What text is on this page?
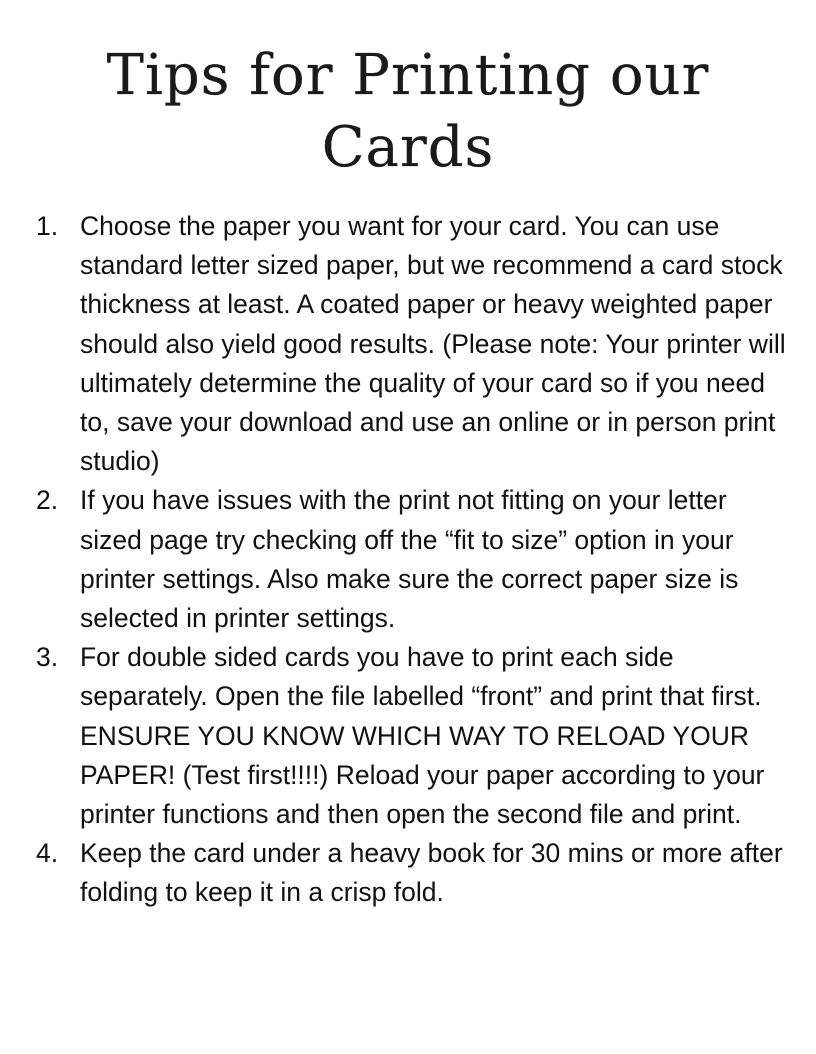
Tips for Printing our
Cards
1. Choose the paper you want for your card. You can use standard letter sized paper, but we recommend a card stock thickness at least. A coated paper or heavy weighted paper should also yield good results. (Please note: Your printer will ultimately determine the quality of your card so if you need to, save your download and use an online or in person print studio)
2. If you have issues with the print not fitting on your letter sized page try checking off the “fit to size” option in your printer settings. Also make sure the correct paper size is selected in printer settings.
3. For double sided cards you have to print each side separately. Open the file labelled “front” and print that first. ENSURE YOU KNOW WHICH WAY TO RELOAD YOUR PAPER! (Test first!!!!) Reload your paper according to your printer functions and then open the second file and print.
4. Keep the card under a heavy book for 30 mins or more after folding to keep it in a crisp fold.
